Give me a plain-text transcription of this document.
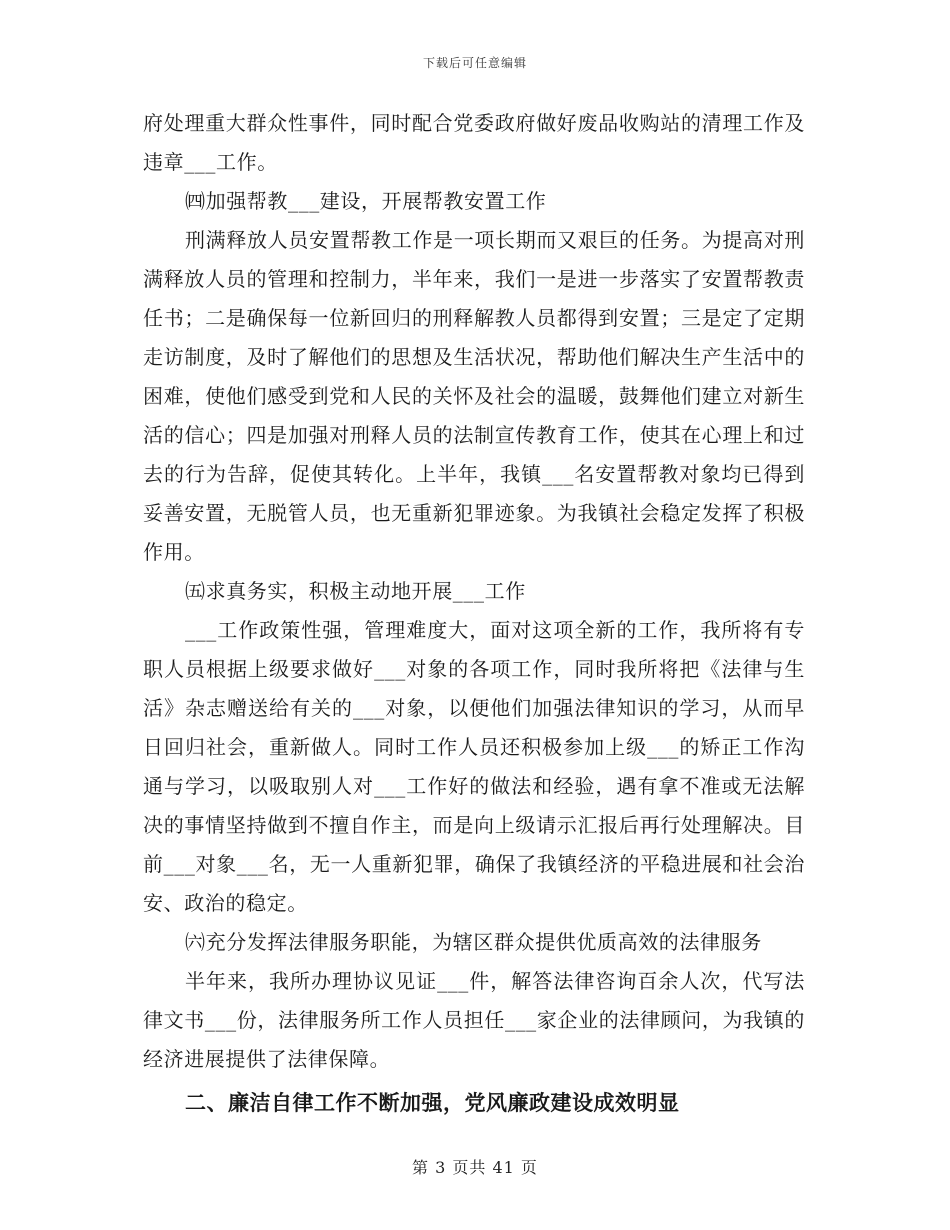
下载后可任意编辑

府处理重大群众性事件，同时配合党委政府做好废品收购站的清理工作及违章___工作。

㈣加强帮教___建设，开展帮教安置工作

刑满释放人员安置帮教工作是一项长期而又艰巨的任务。为提高对刑满释放人员的管理和控制力，半年来，我们一是进一步落实了安置帮教责任书；二是确保每一位新回归的刑释解教人员都得到安置；三是定了定期走访制度，及时了解他们的思想及生活状况，帮助他们解决生产生活中的困难，使他们感受到党和人民的关怀及社会的温暖，鼓舞他们建立对新生活的信心；四是加强对刑释人员的法制宣传教育工作，使其在心理上和过去的行为告辞，促使其转化。上半年，我镇___名安置帮教对象均已得到妥善安置，无脱管人员，也无重新犯罪迹象。为我镇社会稳定发挥了积极作用。

㈤求真务实，积极主动地开展___工作

___工作政策性强，管理难度大，面对这项全新的工作，我所将有专职人员根据上级要求做好___对象的各项工作，同时我所将把《法律与生活》杂志赠送给有关的___对象，以便他们加强法律知识的学习，从而早日回归社会，重新做人。同时工作人员还积极参加上级___的矫正工作沟通与学习，以吸取别人对___工作好的做法和经验，遇有拿不准或无法解决的事情坚持做到不擅自作主，而是向上级请示汇报后再行处理解决。目前___对象___名，无一人重新犯罪，确保了我镇经济的平稳进展和社会治安、政治的稳定。

㈥充分发挥法律服务职能，为辖区群众提供优质高效的法律服务

半年来，我所办理协议见证___件，解答法律咨询百余人次，代写法律文书___份，法律服务所工作人员担任___家企业的法律顾问，为我镇的经济进展提供了法律保障。

二、廉洁自律工作不断加强，党风廉政建设成效明显

第 3 页共 41 页
